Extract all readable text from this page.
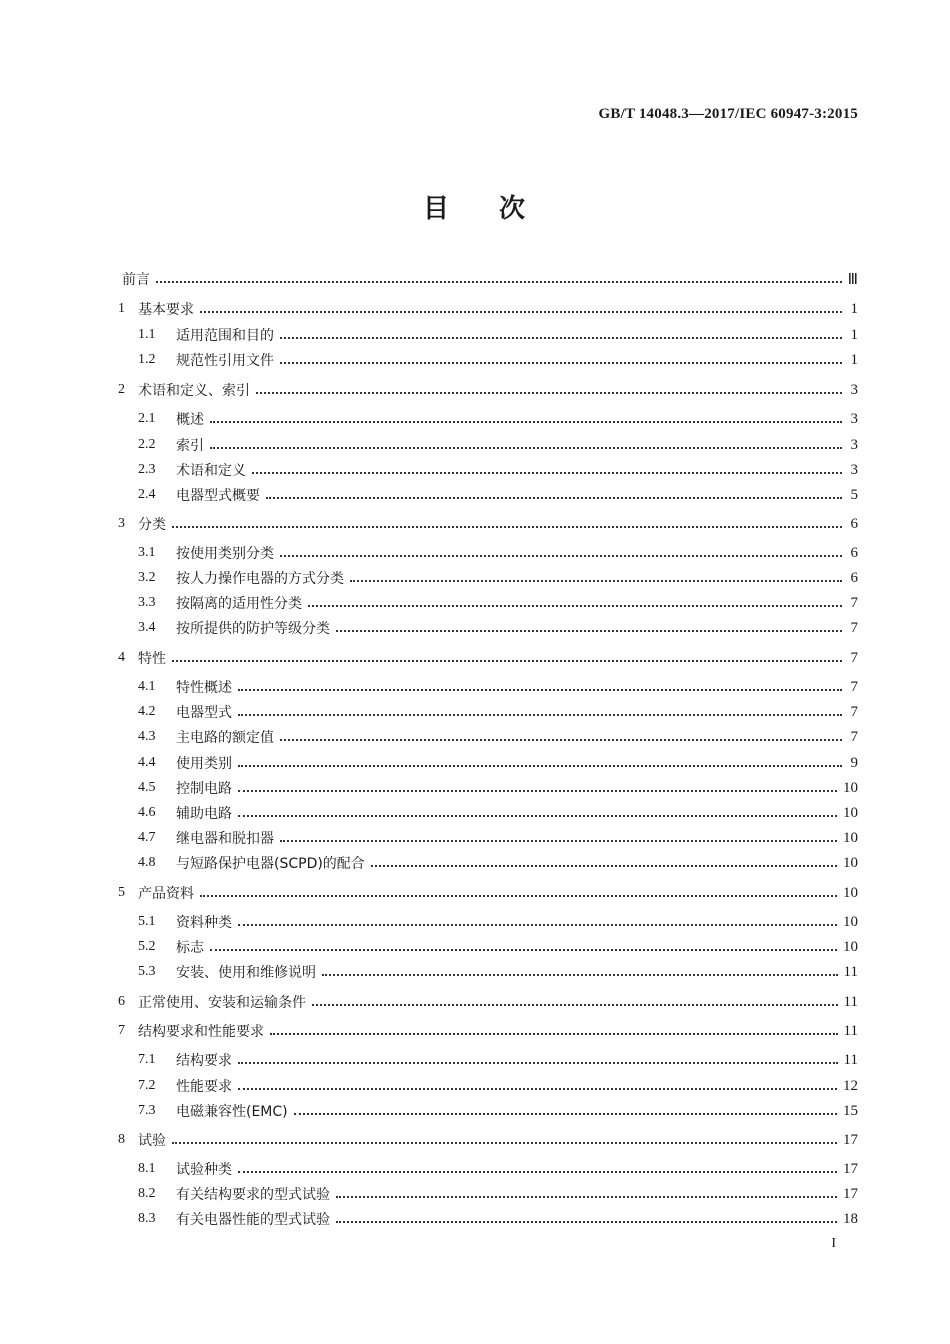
GB/T 14048.3—2017/IEC 60947-3:2015
目 次
前言	Ⅲ
1 基本要求	1
1.1	适用范围和目的	1
1.2	规范性引用文件	1
2 术语和定义、索引	3
2.1	概述	3
2.2	索引	3
2.3	术语和定义	3
2.4	电器型式概要	5
3 分类	6
3.1	按使用类别分类	6
3.2	按人力操作电器的方式分类	6
3.3	按隔离的适用性分类	7
3.4	按所提供的防护等级分类	7
4 特性	7
4.1	特性概述	7
4.2	电器型式	7
4.3	主电路的额定值	7
4.4	使用类别	9
4.5	控制电路	10
4.6	辅助电路	10
4.7	继电器和脱扣器	10
4.8	与短路保护电器(SCPD)的配合	10
5 产品资料	10
5.1	资料种类	10
5.2	标志	10
5.3	安装、使用和维修说明	11
6 正常使用、安装和运输条件	11
7 结构要求和性能要求	11
7.1	结构要求	11
7.2	性能要求	12
7.3	电磁兼容性(EMC)	15
8 试验	17
8.1	试验种类	17
8.2	有关结构要求的型式试验	17
8.3	有关电器性能的型式试验	18
I
